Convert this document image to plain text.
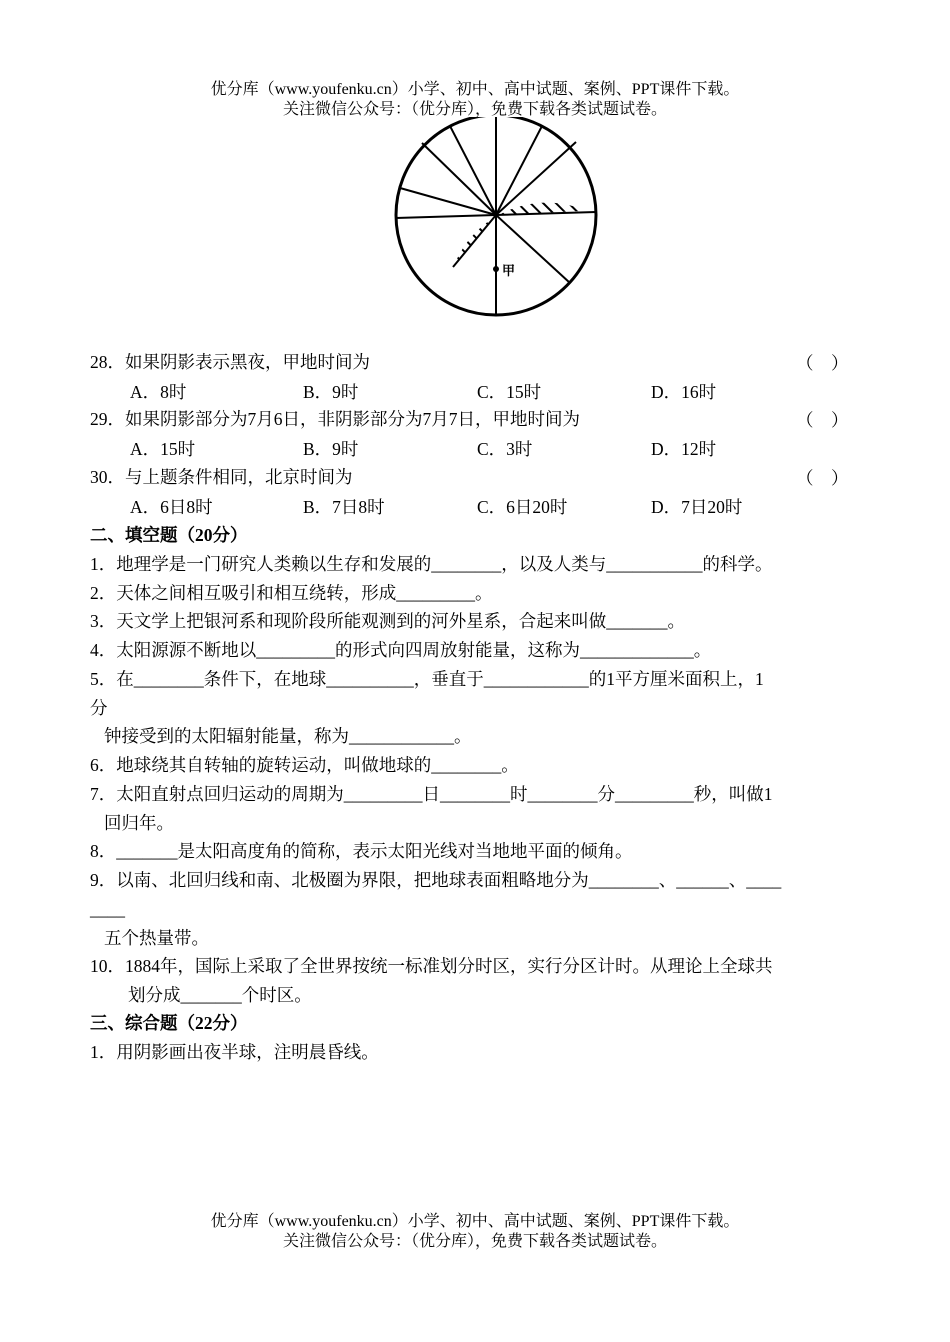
优分库（www.youfenku.cn）小学、初中、高中试题、案例、PPT课件下载。
关注微信公众号：（优分库），免费下载各类试题试卷。
甲
28．如果阴影表示黑夜，甲地时间为	（    ）
A．8时	B．9时	C．15时	D．16时
29．如果阴影部分为7月6日，非阴影部分为7月7日，甲地时间为	（    ）
A．15时	B．9时	C．3时	D．12时
30．与上题条件相同，北京时间为	（    ）
A．6日8时	B．7日8时	C．6日20时	D．7日20时
二、填空题（20分）
1．地理学是一门研究人类赖以生存和发展的________，以及人类与___________的科学。
2．天体之间相互吸引和相互绕转，形成_________。
3．天文学上把银河系和现阶段所能观测到的河外星系，合起来叫做_______。
4．太阳源源不断地以_________的形式向四周放射能量，这称为_____________。
5．在________条件下，在地球__________，垂直于____________的1平方厘米面积上，1
分
钟接受到的太阳辐射能量，称为____________。
6．地球绕其自转轴的旋转运动，叫做地球的________。
7．太阳直射点回归运动的周期为_________日________时________分_________秒，叫做1
回归年。
8．_______是太阳高度角的简称，表示太阳光线对当地地平面的倾角。
9．以南、北回归线和南、北极圈为界限，把地球表面粗略地分为________、______、____
____
五个热量带。
10．1884年，国际上采取了全世界按统一标准划分时区，实行分区计时。从理论上全球共
划分成_______个时区。
三、综合题（22分）
1．用阴影画出夜半球，注明晨昏线。
优分库（www.youfenku.cn）小学、初中、高中试题、案例、PPT课件下载。
关注微信公众号：（优分库），免费下载各类试题试卷。
